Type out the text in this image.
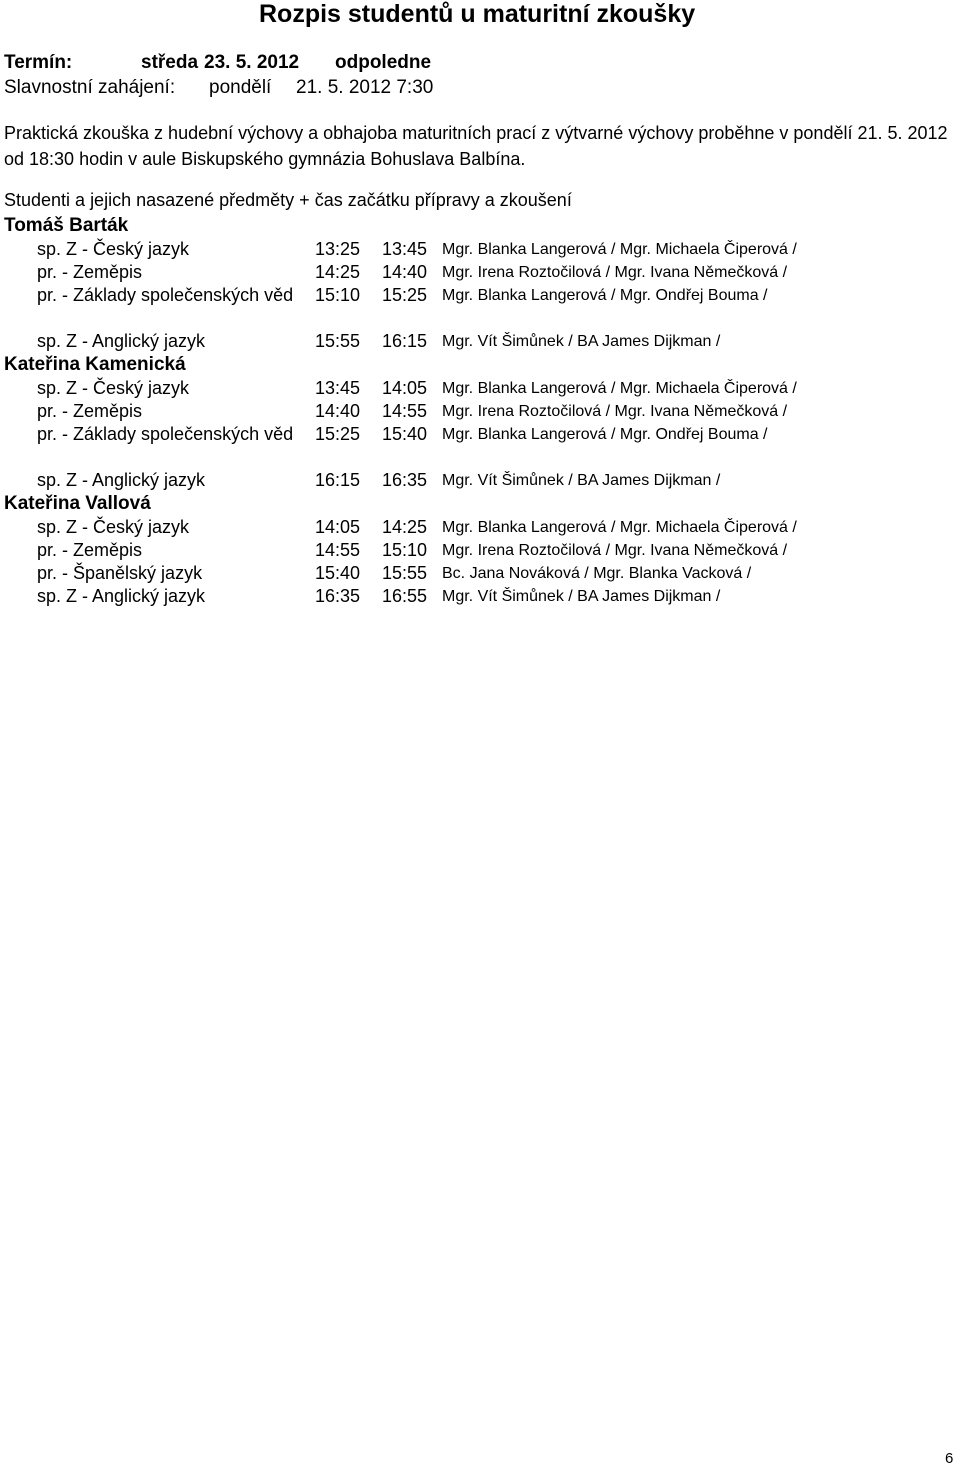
Rozpis studentů u maturitní zkoušky
Termín:	středa 23. 5. 2012 odpoledne
Slavnostní zahájení: pondělí 21. 5. 2012 7:30
Praktická zkouška z hudební výchovy a obhajoba maturitních prací z výtvarné výchovy proběhne v pondělí 21. 5. 2012 od 18:30 hodin v aule Biskupského gymnázia Bohuslava Balbína.
Studenti a jejich nasazené předměty + čas začátku přípravy a zkoušení
Tomáš Barták
sp. Z - Český jazyk	13:25 13:45 Mgr. Blanka Langerová / Mgr. Michaela Čiperová /
pr. - Zeměpis	14:25 14:40 Mgr. Irena Roztočilová / Mgr. Ivana Němečková /
pr. - Základy společenských věd	15:10 15:25 Mgr. Blanka Langerová / Mgr. Ondřej Bouma /
sp. Z - Anglický jazyk	15:55 16:15 Mgr. Vít Šimůnek / BA James Dijkman /
Kateřina Kamenická
sp. Z - Český jazyk	13:45 14:05 Mgr. Blanka Langerová / Mgr. Michaela Čiperová /
pr. - Zeměpis	14:40 14:55 Mgr. Irena Roztočilová / Mgr. Ivana Němečková /
pr. - Základy společenských věd	15:25 15:40 Mgr. Blanka Langerová / Mgr. Ondřej Bouma /
sp. Z - Anglický jazyk	16:15 16:35 Mgr. Vít Šimůnek / BA James Dijkman /
Kateřina Vallová
sp. Z - Český jazyk	14:05 14:25 Mgr. Blanka Langerová / Mgr. Michaela Čiperová /
pr. - Zeměpis	14:55 15:10 Mgr. Irena Roztočilová / Mgr. Ivana Němečková /
pr. - Španělský jazyk	15:40 15:55 Bc. Jana Nováková / Mgr. Blanka Vacková /
sp. Z - Anglický jazyk	16:35 16:55 Mgr. Vít Šimůnek / BA James Dijkman /
6
